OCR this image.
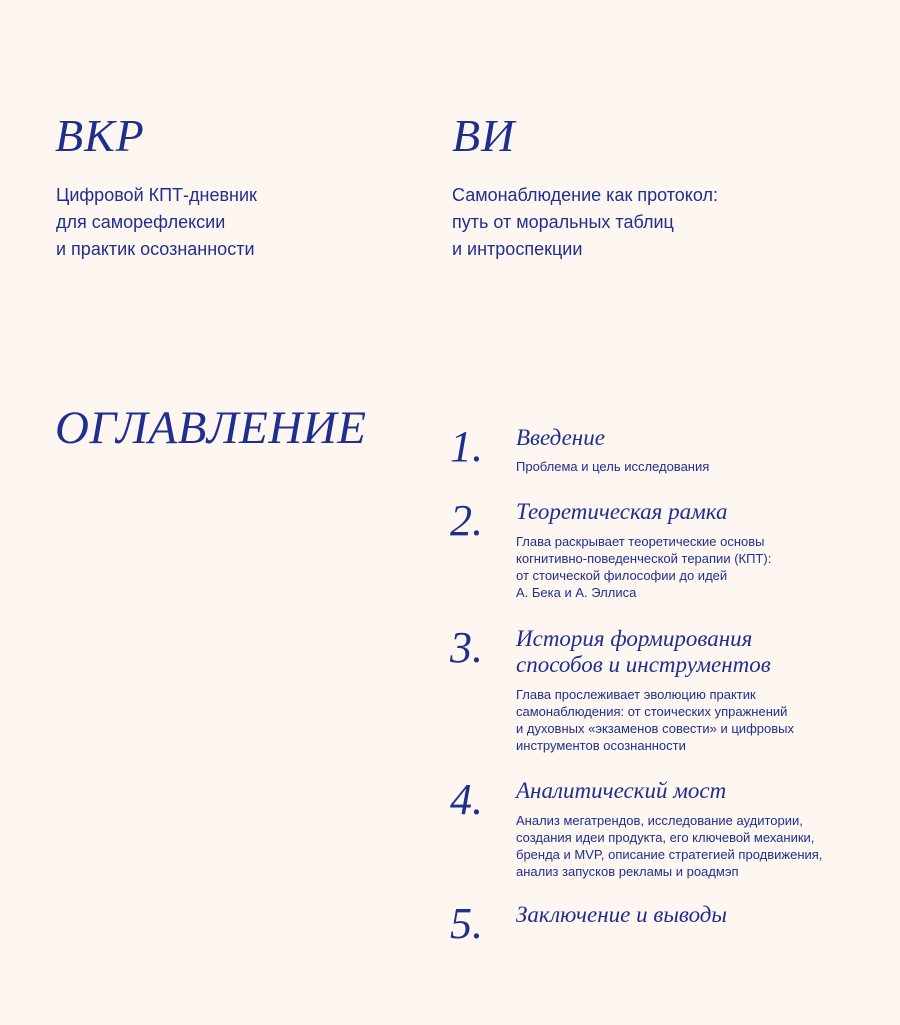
ВКР

Цифровой КПТ-дневник
для саморефлексии
и практик осознанности

ВИ

Самонаблюдение как протокол:
путь от моральных таблиц
и интроспекции

ОГЛАВЛЕНИЕ 1.	Введение
Проблема и цель исследования
2.	Теоретическая рамка
Глава раскрывает теоретические основы
когнитивно-поведенческой терапии (КПТ):
от стоической философии до идей
А. Бека и А. Эллиса
3.	История формирования
способов и инструментов
Глава прослеживает эволюцию практик
самонаблюдения: от стоических упражнений
и духовных «экзаменов совести» и цифровых
инструментов осознанности
4.	Аналитический мост
Анализ мегатрендов, исследование аудитории,
создания идеи продукта, его ключевой механики,
бренда и MVP, описание стратегией продвижения,
анализ запусков рекламы и роадмэп
5.	Заключение и выводы
